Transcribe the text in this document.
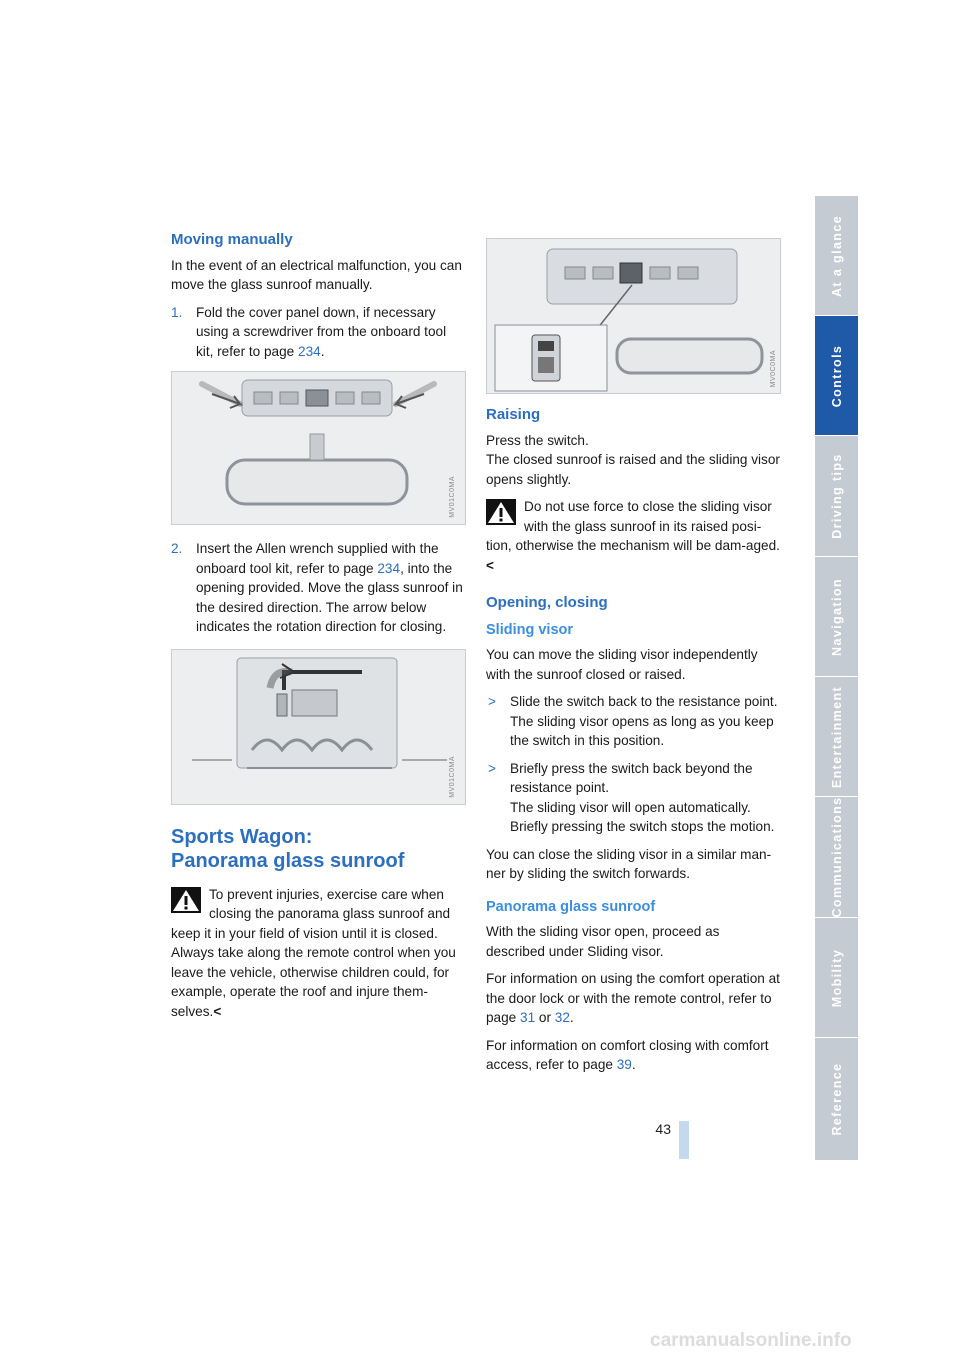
Moving manually

In the event of an electrical malfunction, you can move the glass sunroof manually.

1. Fold the cover panel down, if necessary using a screwdriver from the onboard tool kit, refer to page 234.
MV01C0MA
2. Insert the Allen wrench supplied with the onboard tool kit, refer to page 234, into the opening provided. Move the glass sunroof in the desired direction. The arrow below indicates the rotation direction for closing.
MV01C0MA
Sports Wagon:
Panorama glass sunroof
To prevent injuries, exercise care when closing the panorama glass sunroof and keep it in your field of vision until it is closed. Always take along the remote control when you leave the vehicle, otherwise children could, for example, operate the roof and injure them-selves.<
MV0C0MA
Raising

Press the switch.

The closed sunroof is raised and the sliding visor opens slightly.

Do not use force to close the sliding visor with the glass sunroof in its raised posi-tion, otherwise the mechanism will be dam-aged.<
Opening, closing
Sliding visor

You can move the sliding visor independently with the sunroof closed or raised.

> Slide the switch back to the resistance point.
The sliding visor opens as long as you keep the switch in this position.
> Briefly press the switch back beyond the resistance point.
The sliding visor will open automatically. Briefly pressing the switch stops the motion.

You can close the sliding visor in a similar man-ner by sliding the switch forwards.

Panorama glass sunroof

With the sliding visor open, proceed as described under Sliding visor.

For information on using the comfort operation at the door lock or with the remote control, refer to page 31 or 32.

For information on comfort closing with comfort access, refer to page 39.

At a glance
Controls
Driving tips
Navigation
Entertainment
Communications
Mobility
Reference
43
carmanualsonline.info
